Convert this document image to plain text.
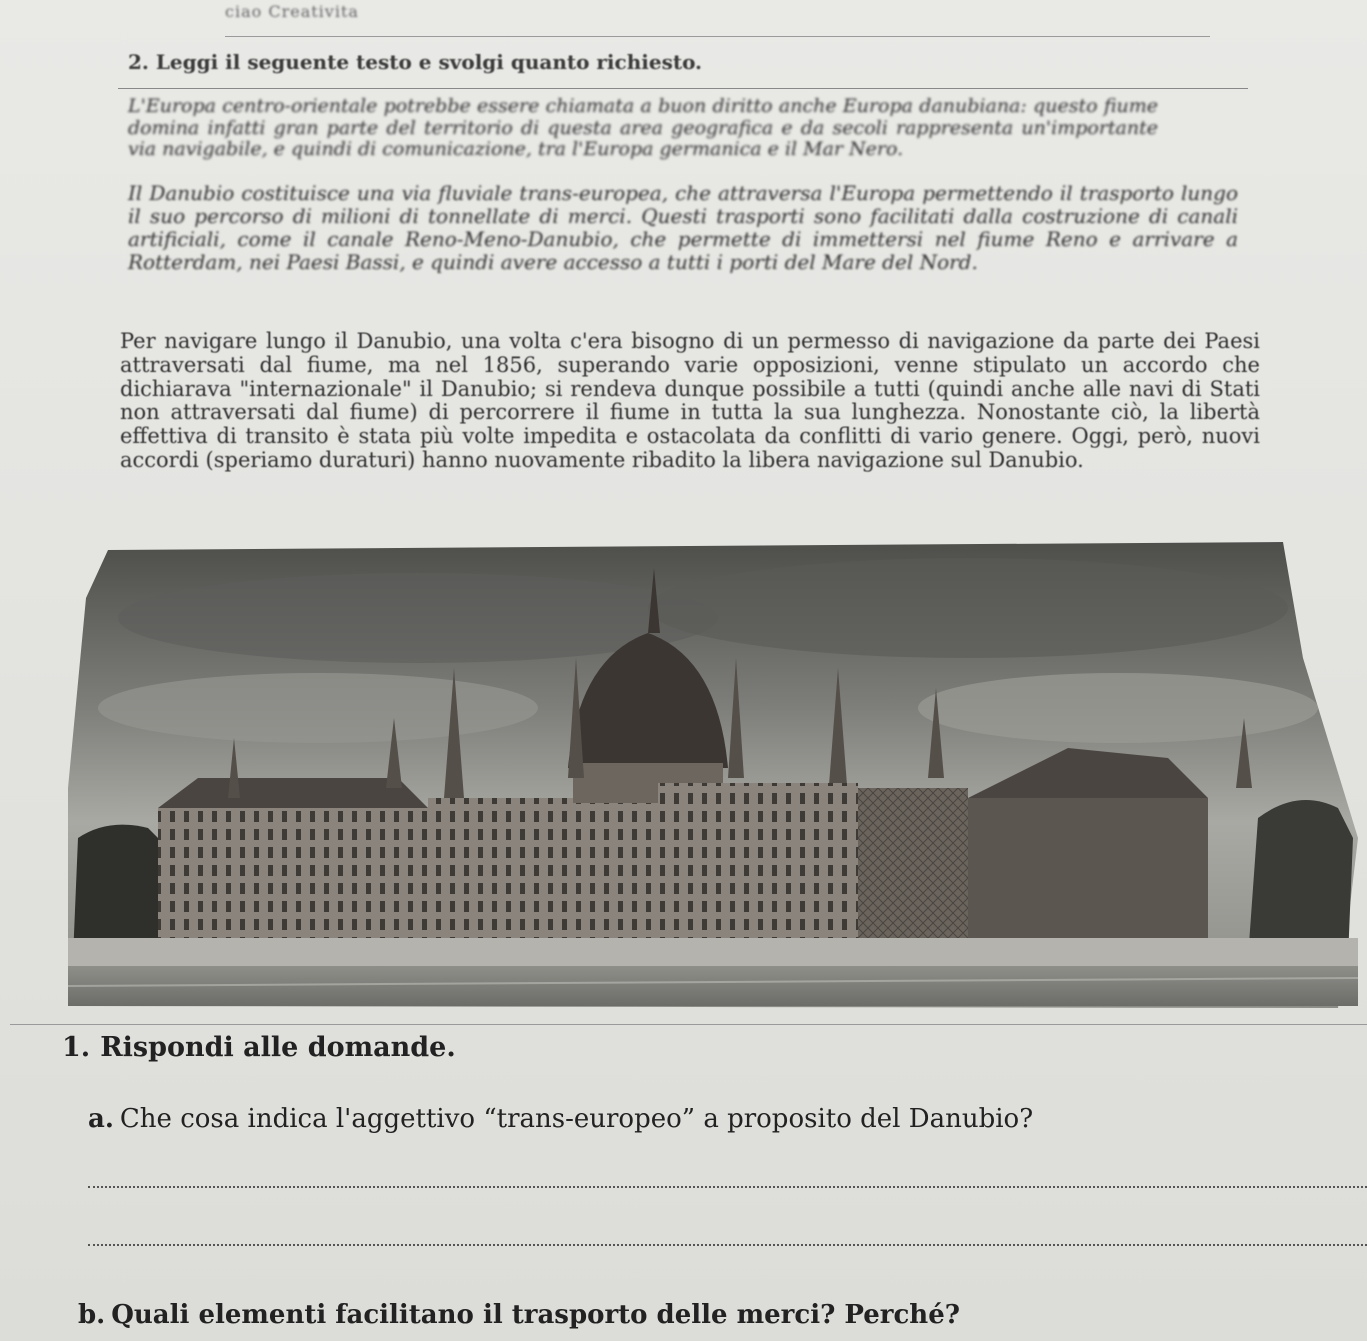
ciao Creativita
2. Leggi il seguente testo e svolgi quanto richiesto.

L'Europa centro-orientale potrebbe essere chiamata a buon diritto anche Europa danubiana: questo fiume domina infatti gran parte del territorio di questa area geografica e da secoli rappresenta un'importante via navigabile, e quindi di comunicazione, tra l'Europa germanica e il Mar Nero.

Il Danubio costituisce una via fluviale trans-europea, che attraversa l'Europa permettendo il trasporto lungo il suo percorso di milioni di tonnellate di merci. Questi trasporti sono facilitati dalla costruzione di canali artificiali, come il canale Reno-Meno-Danubio, che permette di immettersi nel fiume Reno e arrivare a Rotterdam, nei Paesi Bassi, e quindi avere accesso a tutti i porti del Mare del Nord.

Per navigare lungo il Danubio, una volta c'era bisogno di un permesso di navigazione da parte dei Paesi attraversati dal fiume, ma nel 1856, superando varie opposizioni, venne stipulato un accordo che dichiarava "internazionale" il Danubio; si rendeva dunque possibile a tutti (quindi anche alle navi di Stati non attraversati dal fiume) di percorrere il fiume in tutta la sua lunghezza. Nonostante ciò, la libertà effettiva di transito è stata più volte impedita e ostacolata da conflitti di vario genere. Oggi, però, nuovi accordi (speriamo duraturi) hanno nuovamente ribadito la libera navigazione sul Danubio.

1. Rispondi alle domande.
a. Che cosa indica l'aggettivo “trans-europeo” a proposito del Danubio?
b. Quali elementi facilitano il trasporto delle merci? Perché?
